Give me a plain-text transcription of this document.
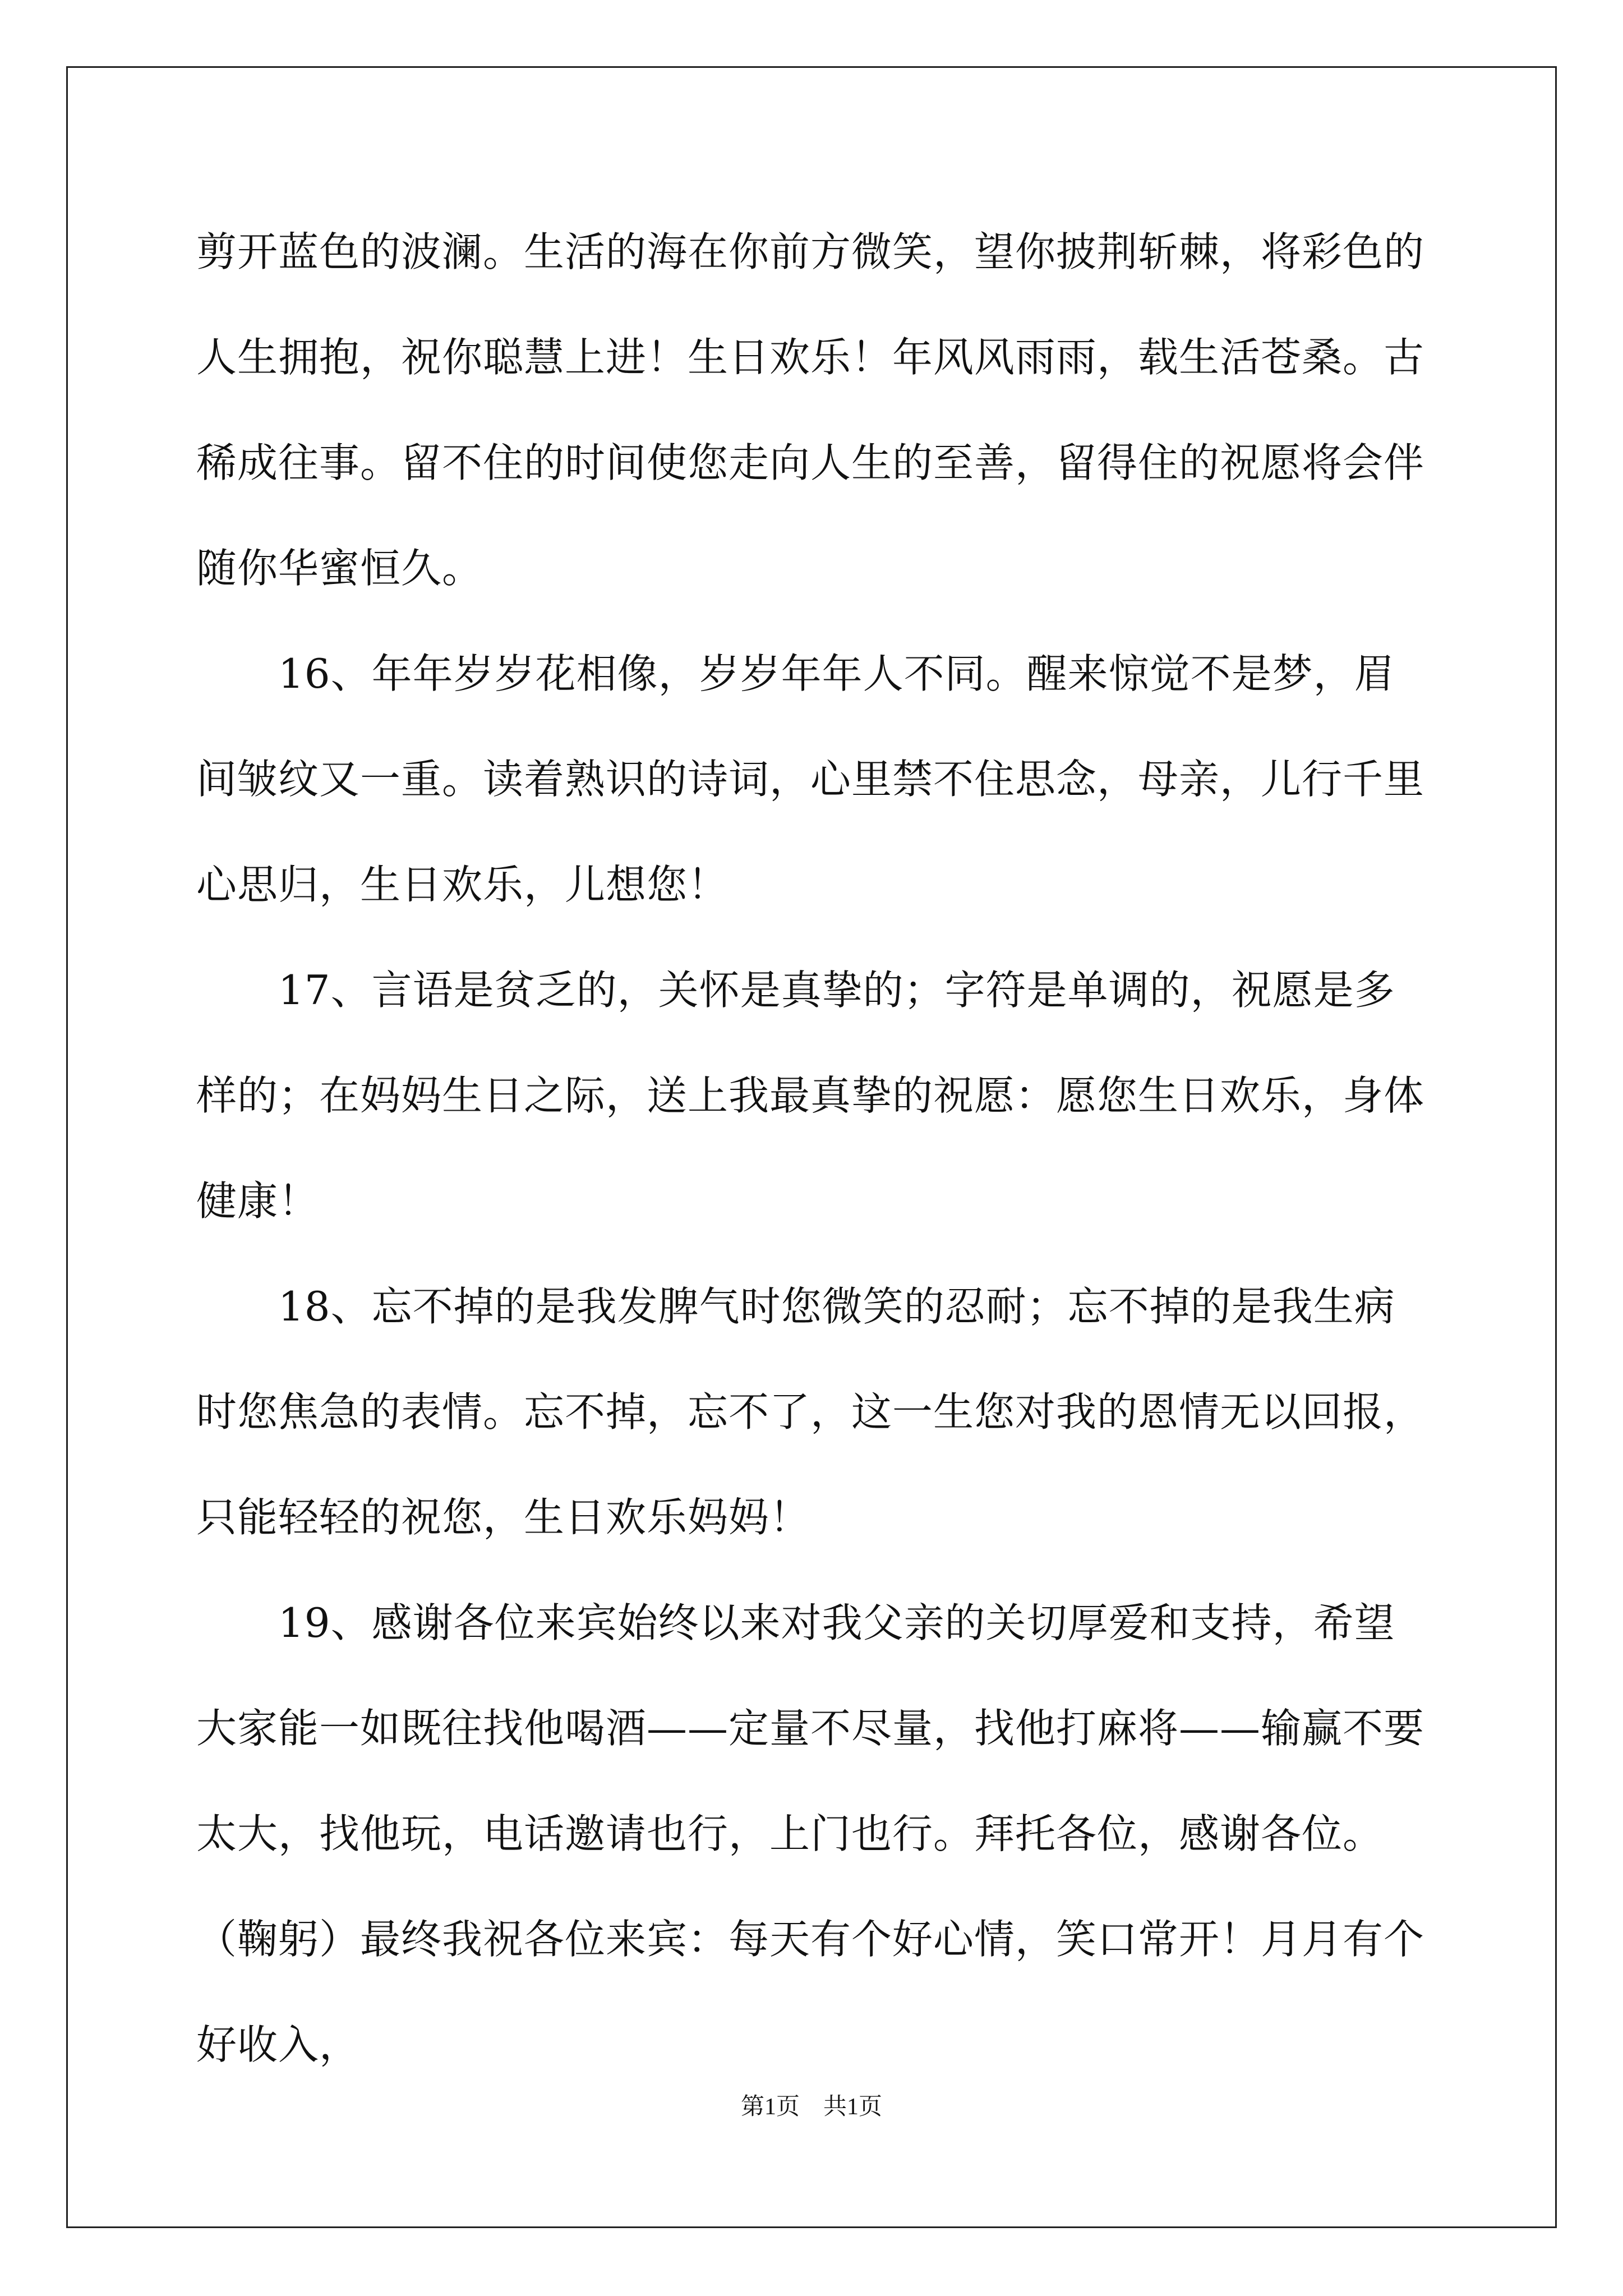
剪开蓝色的波澜。生活的海在你前方微笑，望你披荆斩棘，将彩色的人生拥抱，祝你聪慧上进！生日欢乐！年风风雨雨，载生活苍桑。古稀成往事。留不住的时间使您走向人生的至善，留得住的祝愿将会伴随你华蜜恒久。

　　16、年年岁岁花相像，岁岁年年人不同。醒来惊觉不是梦，眉间皱纹又一重。读着熟识的诗词，心里禁不住思念，母亲，儿行千里心思归，生日欢乐，儿想您！

　　17、言语是贫乏的，关怀是真挚的；字符是单调的，祝愿是多样的；在妈妈生日之际，送上我最真挚的祝愿：愿您生日欢乐，身体健康！

　　18、忘不掉的是我发脾气时您微笑的忍耐；忘不掉的是我生病时您焦急的表情。忘不掉，忘不了，这一生您对我的恩情无以回报，只能轻轻的祝您，生日欢乐妈妈！

　　19、感谢各位来宾始终以来对我父亲的关切厚爱和支持，希望大家能一如既往找他喝酒——定量不尽量，找他打麻将——输赢不要太大，找他玩，电话邀请也行，上门也行。拜托各位，感谢各位。（鞠躬）最终我祝各位来宾：每天有个好心情，笑口常开！月月有个好收入，

第1页　共1页
